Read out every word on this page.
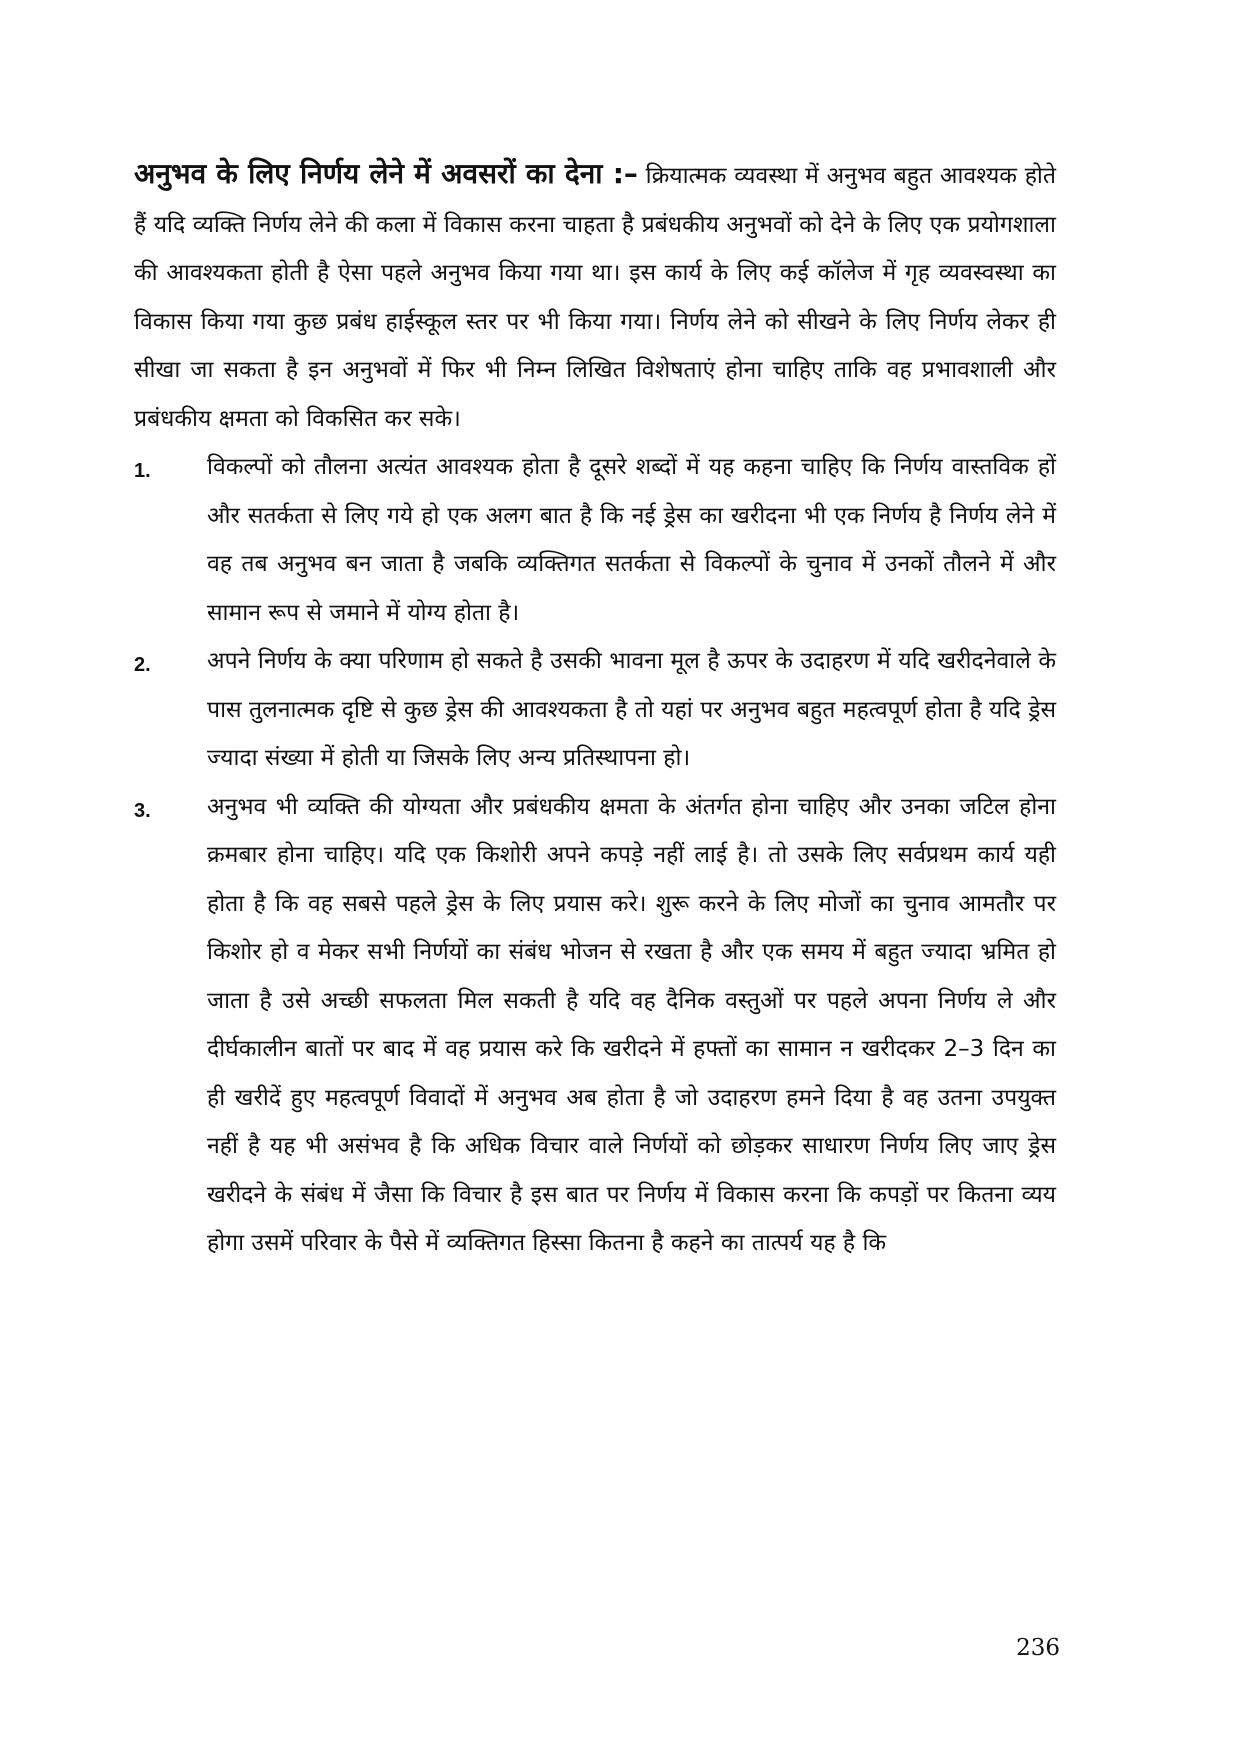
अनुभव के लिए निर्णय लेने में अवसरों का देना :– क्रियात्मक व्यवस्था में अनुभव बहुत आवश्यक होते हैं यदि व्यक्ति निर्णय लेने की कला में विकास करना चाहता है प्रबंधकीय अनुभवों को देने के लिए एक प्रयोगशाला की आवश्यकता होती है ऐसा पहले अनुभव किया गया था। इस कार्य के लिए कई कॉलेज में गृह व्यवस्वस्था का विकास किया गया कुछ प्रबंध हाईस्कूल स्तर पर भी किया गया। निर्णय लेने को सीखने के लिए निर्णय लेकर ही सीखा जा सकता है इन अनुभवों में फिर भी निम्न लिखित विशेषताएं होना चाहिए ताकि वह प्रभावशाली और प्रबंधकीय क्षमता को विकसित कर सके।

1.	विकल्पों को तौलना अत्यंत आवश्यक होता है दूसरे शब्दों में यह कहना चाहिए कि निर्णय वास्तविक हों और सतर्कता से लिए गये हो एक अलग बात है कि नई ड्रेस का खरीदना भी एक निर्णय है निर्णय लेने में वह तब अनुभव बन जाता है जबकि व्यक्तिगत सतर्कता से विकल्पों के चुनाव में उनकों तौलने में और सामान रूप से जमाने में योग्य होता है।

2.	अपने निर्णय के क्या परिणाम हो सकते है उसकी भावना मूल है ऊपर के उदाहरण में यदि खरीदनेवाले के पास तुलनात्मक दृष्टि से कुछ ड्रेस की आवश्यकता है तो यहां पर अनुभव बहुत महत्वपूर्ण होता है यदि ड्रेस ज्यादा संख्या में होती या जिसके लिए अन्य प्रतिस्थापना हो।

3.	अनुभव भी व्यक्ति की योग्यता और प्रबंधकीय क्षमता के अंतर्गत होना चाहिए और उनका जटिल होना क्रमबार होना चाहिए। यदि एक किशोरी अपने कपड़े नहीं लाई है। तो उसके लिए सर्वप्रथम कार्य यही होता है कि वह सबसे पहले ड्रेस के लिए प्रयास करे। शुरू करने के लिए मोजों का चुनाव आमतौर पर किशोर हो व मेकर सभी निर्णयों का संबंध भोजन से रखता है और एक समय में बहुत ज्यादा भ्रमित हो जाता है उसे अच्छी सफलता मिल सकती है यदि वह दैनिक वस्तुओं पर पहले अपना निर्णय ले और दीर्घकालीन बातों पर बाद में वह प्रयास करे कि खरीदने में हफ्तों का सामान न खरीदकर 2–3 दिन का ही खरीदें हुए महत्वपूर्ण विवादों में अनुभव अब होता है जो उदाहरण हमने दिया है वह उतना उपयुक्त नहीं है यह भी असंभव है कि अधिक विचार वाले निर्णयों को छोड़कर साधारण निर्णय लिए जाए ड्रेस खरीदने के संबंध में जैसा कि विचार है इस बात पर निर्णय में विकास करना कि कपड़ों पर कितना व्यय होगा उसमें परिवार के पैसे में व्यक्तिगत हिस्सा कितना है कहने का तात्पर्य यह है कि

236
